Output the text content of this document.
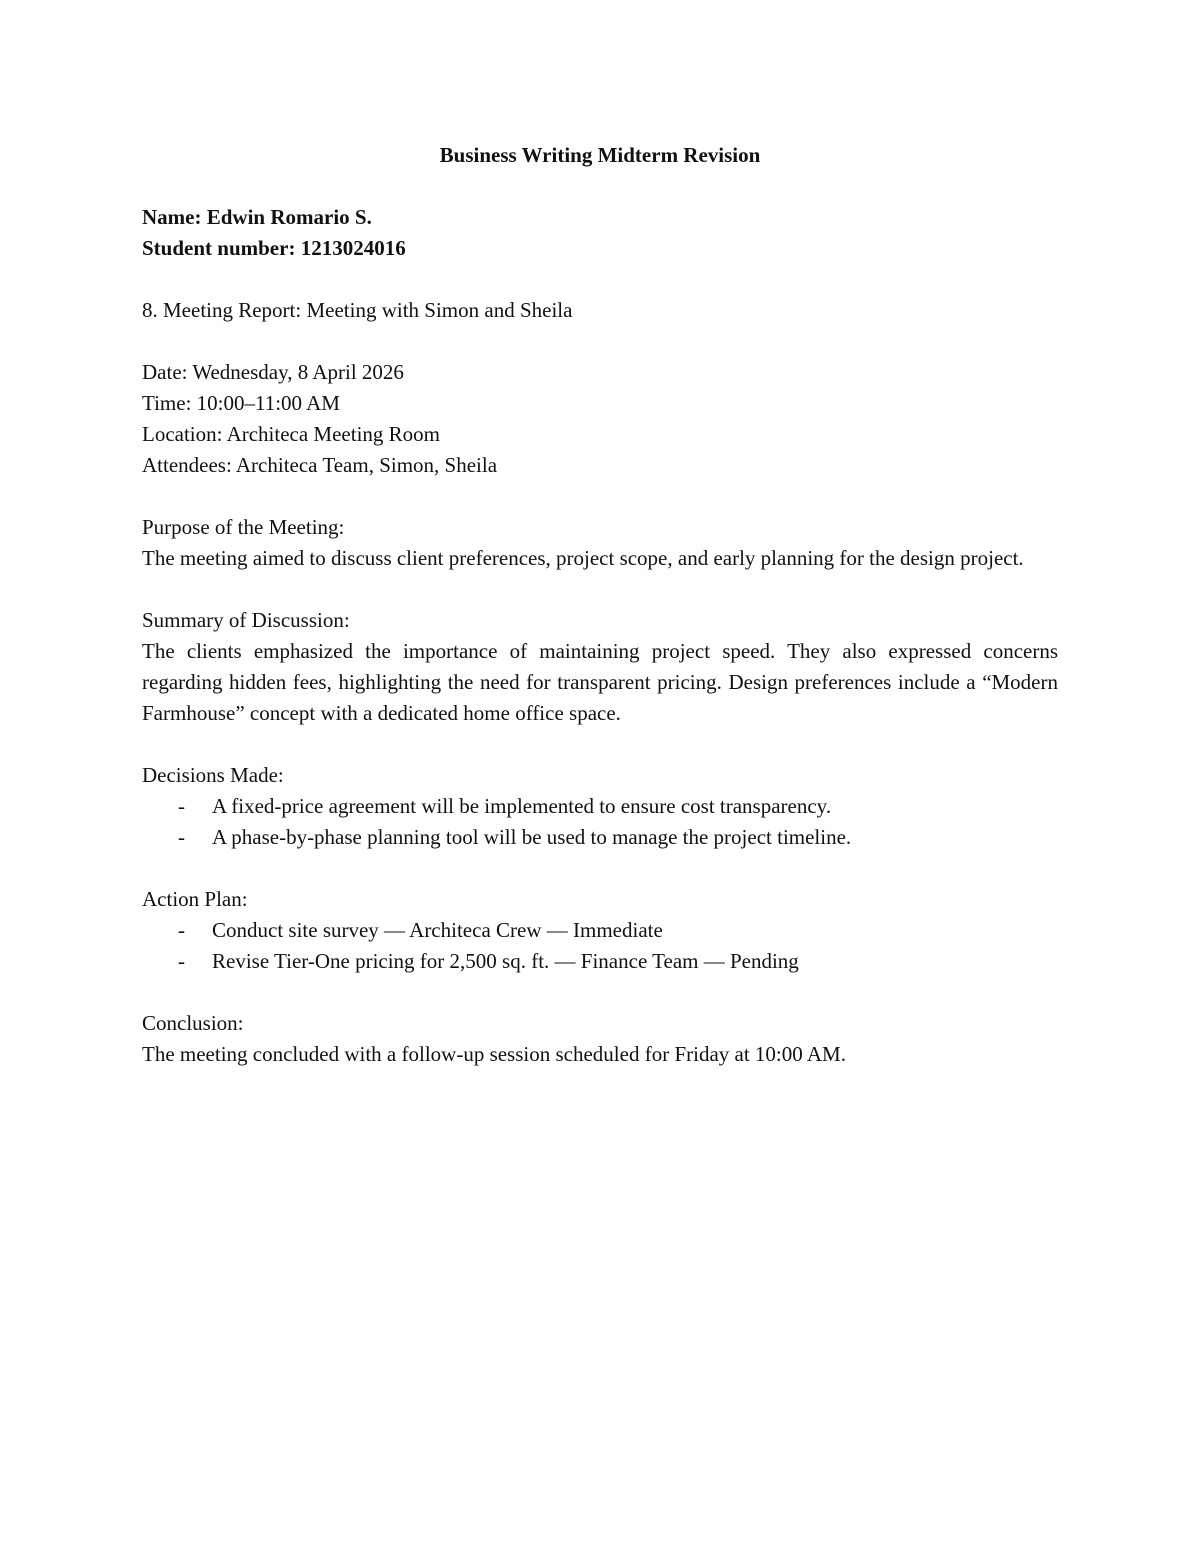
Business Writing Midterm Revision

Name: Edwin Romario S.

Student number: 1213024016

8. Meeting Report: Meeting with Simon and Sheila

Date: Wednesday, 8 April 2026

Time: 10:00–11:00 AM

Location: Architeca Meeting Room

Attendees: Architeca Team, Simon, Sheila

Purpose of the Meeting:

The meeting aimed to discuss client preferences, project scope, and early planning for the design project.

Summary of Discussion:

The clients emphasized the importance of maintaining project speed. They also expressed concerns regarding hidden fees, highlighting the need for transparent pricing. Design preferences include a “Modern Farmhouse” concept with a dedicated home office space.

Decisions Made:

- A fixed-price agreement will be implemented to ensure cost transparency.
- A phase-by-phase planning tool will be used to manage the project timeline.

Action Plan:

- Conduct site survey — Architeca Crew — Immediate
- Revise Tier-One pricing for 2,500 sq. ft. — Finance Team — Pending

Conclusion:

The meeting concluded with a follow-up session scheduled for Friday at 10:00 AM.
